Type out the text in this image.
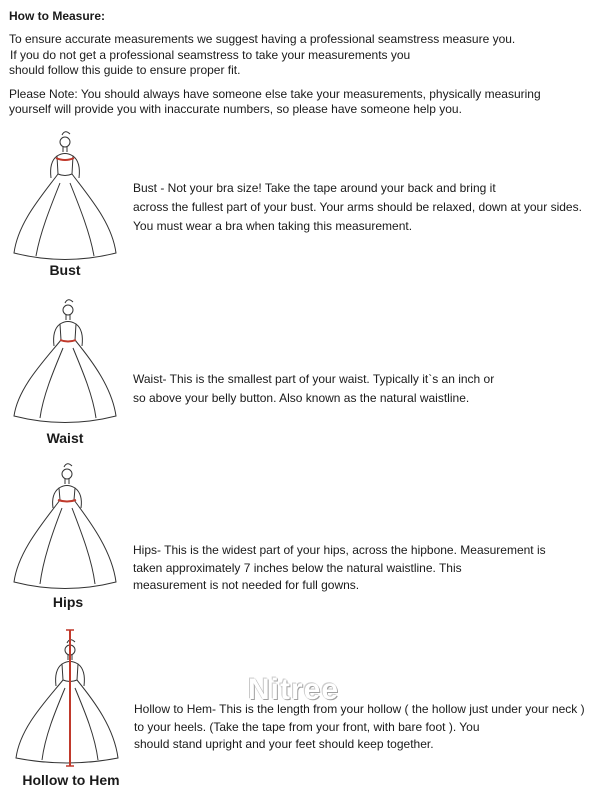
How to Measure:
To ensure accurate measurements we suggest having a professional seamstress measure you.
If you do not get a professional seamstress to take your measurements you
should follow this guide to ensure proper fit.
Please Note: You should always have someone else take your measurements, physically measuring
yourself will provide you with inaccurate numbers, so please have someone help you.
Bust
Bust - Not your bra size! Take the tape around your back and bring it
across the fullest part of your bust. Your arms should be relaxed, down at your sides.
You must wear a bra when taking this measurement.
Waist
Waist- This is the smallest part of your waist. Typically it`s an inch or
so above your belly button. Also known as the natural waistline.
Hips
Hips- This is the widest part of your hips, across the hipbone. Measurement is
taken approximately 7 inches below the natural waistline. This
measurement is not needed for full gowns.
Hollow to Hem
Hollow to Hem- This is the length from your hollow ( the hollow just under your neck )
to your heels. (Take the tape from your front, with bare foot ). You
should stand upright and your feet should keep together.
Nitree
